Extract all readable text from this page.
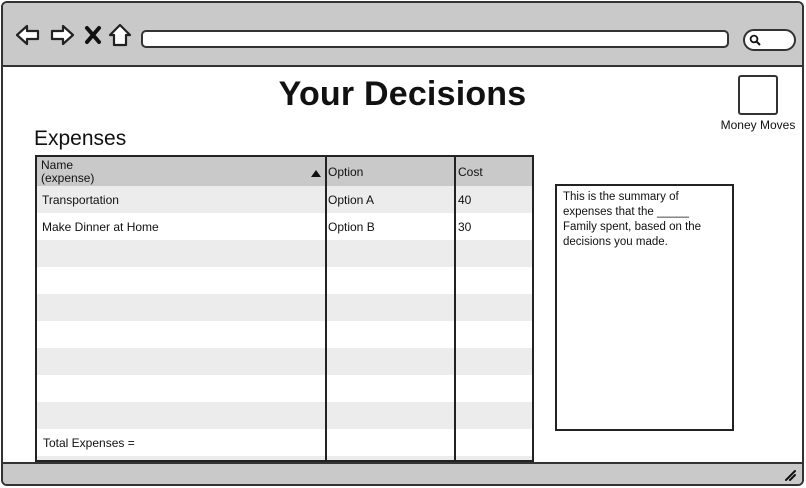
Your Decisions
Money Moves
Expenses
Name
(expense)	Option	Cost
Transportation	Option A	40
Make Dinner at Home	Option B	30
Total Expenses =
This is the summary of expenses that the _____ Family spent, based on the decisions you made.
